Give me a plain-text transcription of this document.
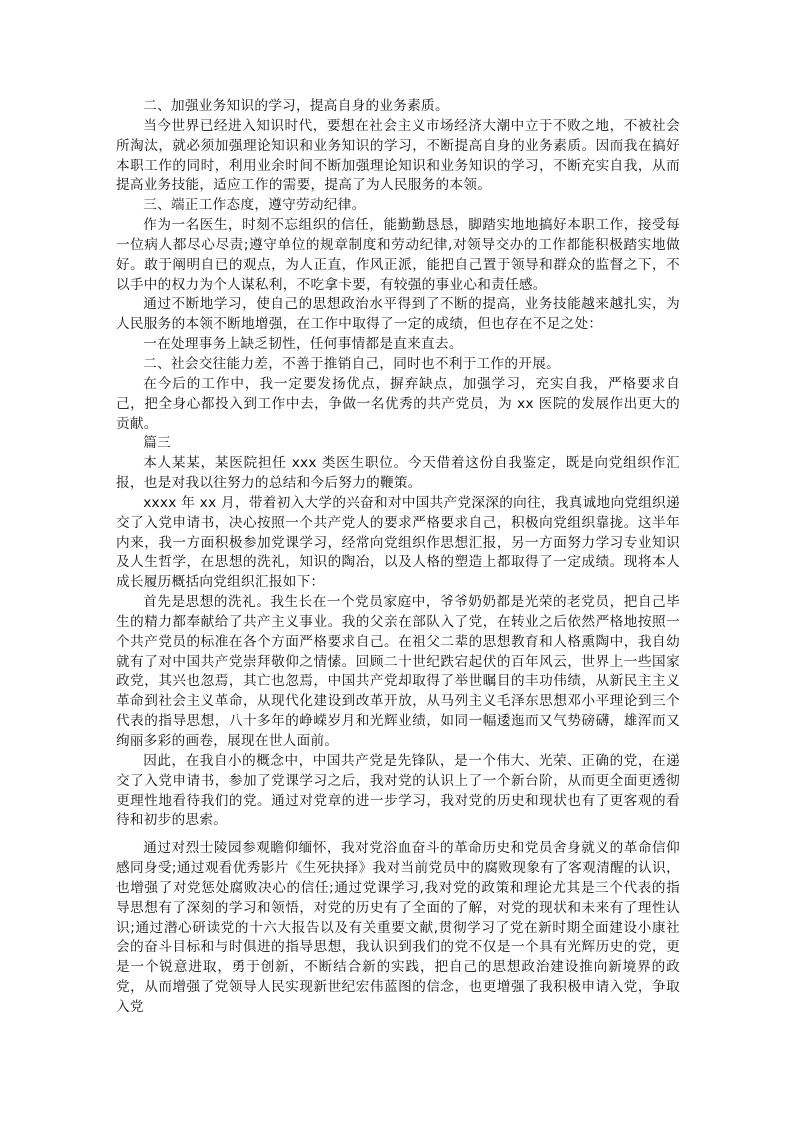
二、加强业务知识的学习，提高自身的业务素质。

当今世界已经进入知识时代，要想在社会主义市场经济大潮中立于不败之地，不被社会所淘汰，就必须加强理论知识和业务知识的学习，不断提高自身的业务素质。因而我在搞好本职工作的同时，利用业余时间不断加强理论知识和业务知识的学习，不断充实自我，从而提高业务技能，适应工作的需要，提高了为人民服务的本领。

三、端正工作态度，遵守劳动纪律。

作为一名医生，时刻不忘组织的信任，能勤勤恳恳，脚踏实地地搞好本职工作，接受每一位病人都尽心尽责;遵守单位的规章制度和劳动纪律,对领导交办的工作都能积极踏实地做好。敢于阐明自已的观点，为人正直，作风正派，能把自己置于领导和群众的监督之下，不以手中的权力为个人谋私利，不吃拿卡要，有较强的事业心和责任感。

通过不断地学习，使自己的思想政治水平得到了不断的提高，业务技能越来越扎实，为人民服务的本领不断地增强，在工作中取得了一定的成绩，但也存在不足之处：

一在处理事务上缺乏韧性，任何事情都是直来直去。

二、社会交往能力差，不善于推销自己，同时也不利于工作的开展。

在今后的工作中，我一定要发扬优点，摒弃缺点，加强学习，充实自我，严格要求自己，把全身心都投入到工作中去，争做一名优秀的共产党员，为 xx 医院的发展作出更大的贡献。

篇三

本人某某，某医院担任 xxx 类医生职位。今天借着这份自我鉴定，既是向党组织作汇报，也是对我以往努力的总结和今后努力的鞭策。

xxxx 年 xx 月，带着初入大学的兴奋和对中国共产党深深的向往，我真诚地向党组织递交了入党申请书，决心按照一个共产党人的要求严格要求自己，积极向党组织靠拢。这半年内来，我一方面积极参加党课学习，经常向党组织作思想汇报，另一方面努力学习专业知识及人生哲学，在思想的洗礼，知识的陶冶，以及人格的塑造上都取得了一定成绩。现将本人成长履历概括向党组织汇报如下：

首先是思想的洗礼。我生长在一个党员家庭中，爷爷奶奶都是光荣的老党员，把自己毕生的精力都奉献给了共产主义事业。我的父亲在部队入了党，在转业之后依然严格地按照一个共产党员的标准在各个方面严格要求自己。在祖父二辈的思想教育和人格熏陶中，我自幼就有了对中国共产党崇拜敬仰之情愫。回顾二十世纪跌宕起伏的百年风云，世界上一些国家政党，其兴也忽焉，其亡也忽焉，中国共产党却取得了举世瞩目的丰功伟绩，从新民主主义革命到社会主义革命，从现代化建设到改革开放，从马列主义毛泽东思想邓小平理论到三个代表的指导思想，八十多年的峥嵘岁月和光辉业绩，如同一幅逶迤而又气势磅礴，雄浑而又绚丽多彩的画卷，展现在世人面前。

因此，在我自小的概念中，中国共产党是先锋队，是一个伟大、光荣、正确的党，在递交了入党申请书，参加了党课学习之后，我对党的认识上了一个新台阶，从而更全面更透彻更理性地看待我们的党。通过对党章的进一步学习，我对党的历史和现状也有了更客观的看待和初步的思索。

通过对烈士陵园参观瞻仰缅怀，我对党浴血奋斗的革命历史和党员舍身就义的革命信仰感同身受;通过观看优秀影片《生死抉择》我对当前党员中的腐败现象有了客观清醒的认识，也增强了对党惩处腐败决心的信任;通过党课学习,我对党的政策和理论尤其是三个代表的指导思想有了深刻的学习和领悟，对党的历史有了全面的了解，对党的现状和未来有了理性认识;通过潜心研读党的十六大报告以及有关重要文献,贯彻学习了党在新时期全面建设小康社会的奋斗目标和与时俱进的指导思想，我认识到我们的党不仅是一个具有光辉历史的党，更是一个锐意进取，勇于创新，不断结合新的实践，把自己的思想政治建设推向新境界的政党，从而增强了党领导人民实现新世纪宏伟蓝图的信念，也更增强了我积极申请入党，争取入党
